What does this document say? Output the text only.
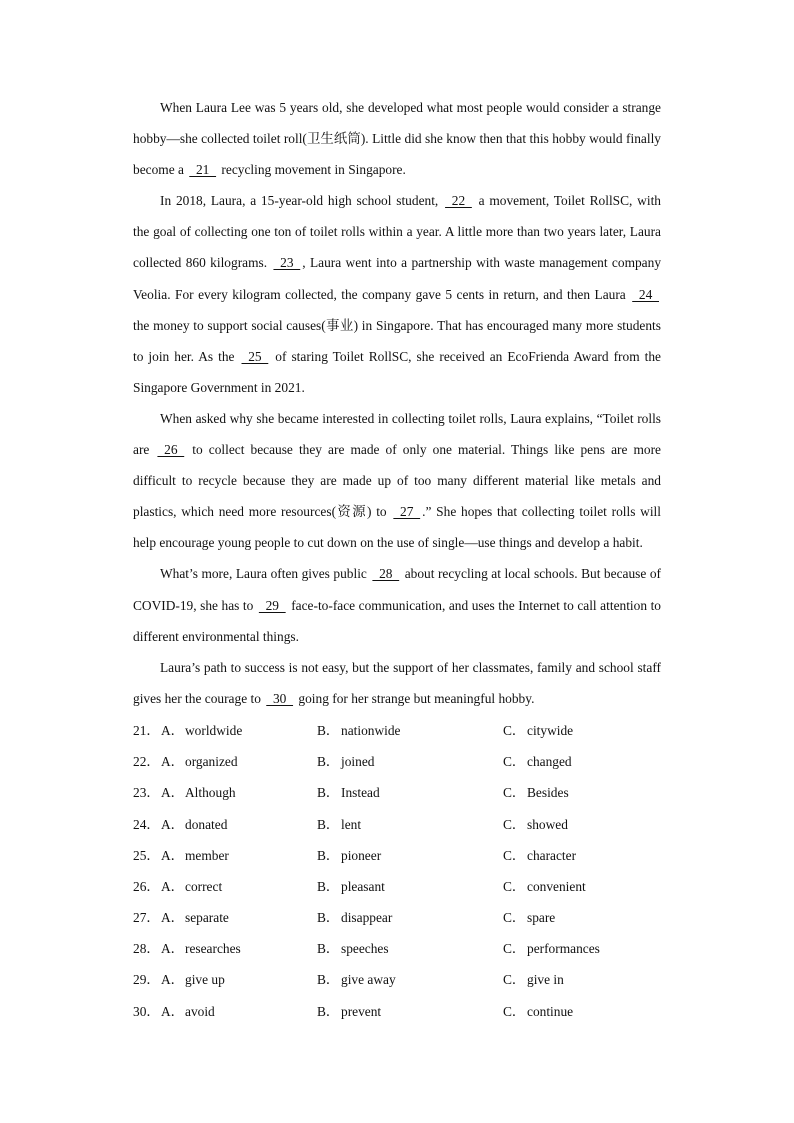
When Laura Lee was 5 years old, she developed what most people would consider a strange hobby—she collected toilet roll(卫生纸筒). Little did she know then that this hobby would finally become a  21  recycling movement in Singapore.

In 2018, Laura, a 15-year-old high school student,  22  a movement, Toilet RollSC, with the goal of collecting one ton of toilet rolls within a year. A little more than two years later, Laura collected 860 kilograms.  23 , Laura went into a partnership with waste management company Veolia. For every kilogram collected, the company gave 5 cents in return, and then Laura  24  the money to support social causes(事业) in Singapore. That has encouraged many more students to join her. As the  25  of staring Toilet RollSC, she received an EcoFrienda Award from the Singapore Government in 2021.

When asked why she became interested in collecting toilet rolls, Laura explains, “Toilet rolls are  26  to collect because they are made of only one material. Things like pens are more difficult to recycle because they are made up of too many different material like metals and plastics, which need more resources(资源) to  27 .” She hopes that collecting toilet rolls will help encourage young people to cut down on the use of single—use things and develop a habit.

What’s more, Laura often gives public  28  about recycling at local schools. But because of COVID-19, she has to  29  face-to-face communication, and uses the Internet to call attention to different environmental things.

Laura’s path to success is not easy, but the support of her classmates, family and school staff gives her the courage to  30  going for her strange but meaningful hobby.

21．A．worldwide	B． nationwide	C． citywide
22．A．organized	B． joined	C． changed
23．A．Although	B． Instead	C． Besides
24．A．donated	B． lent	C． showed
25．A．member	B． pioneer	C． character
26．A．correct	B． pleasant	C． convenient
27．A．separate	B． disappear	C． spare
28．A．researches	B． speeches	C． performances
29．A．give up	B． give away	C． give in
30．A．avoid	B． prevent	C． continue
